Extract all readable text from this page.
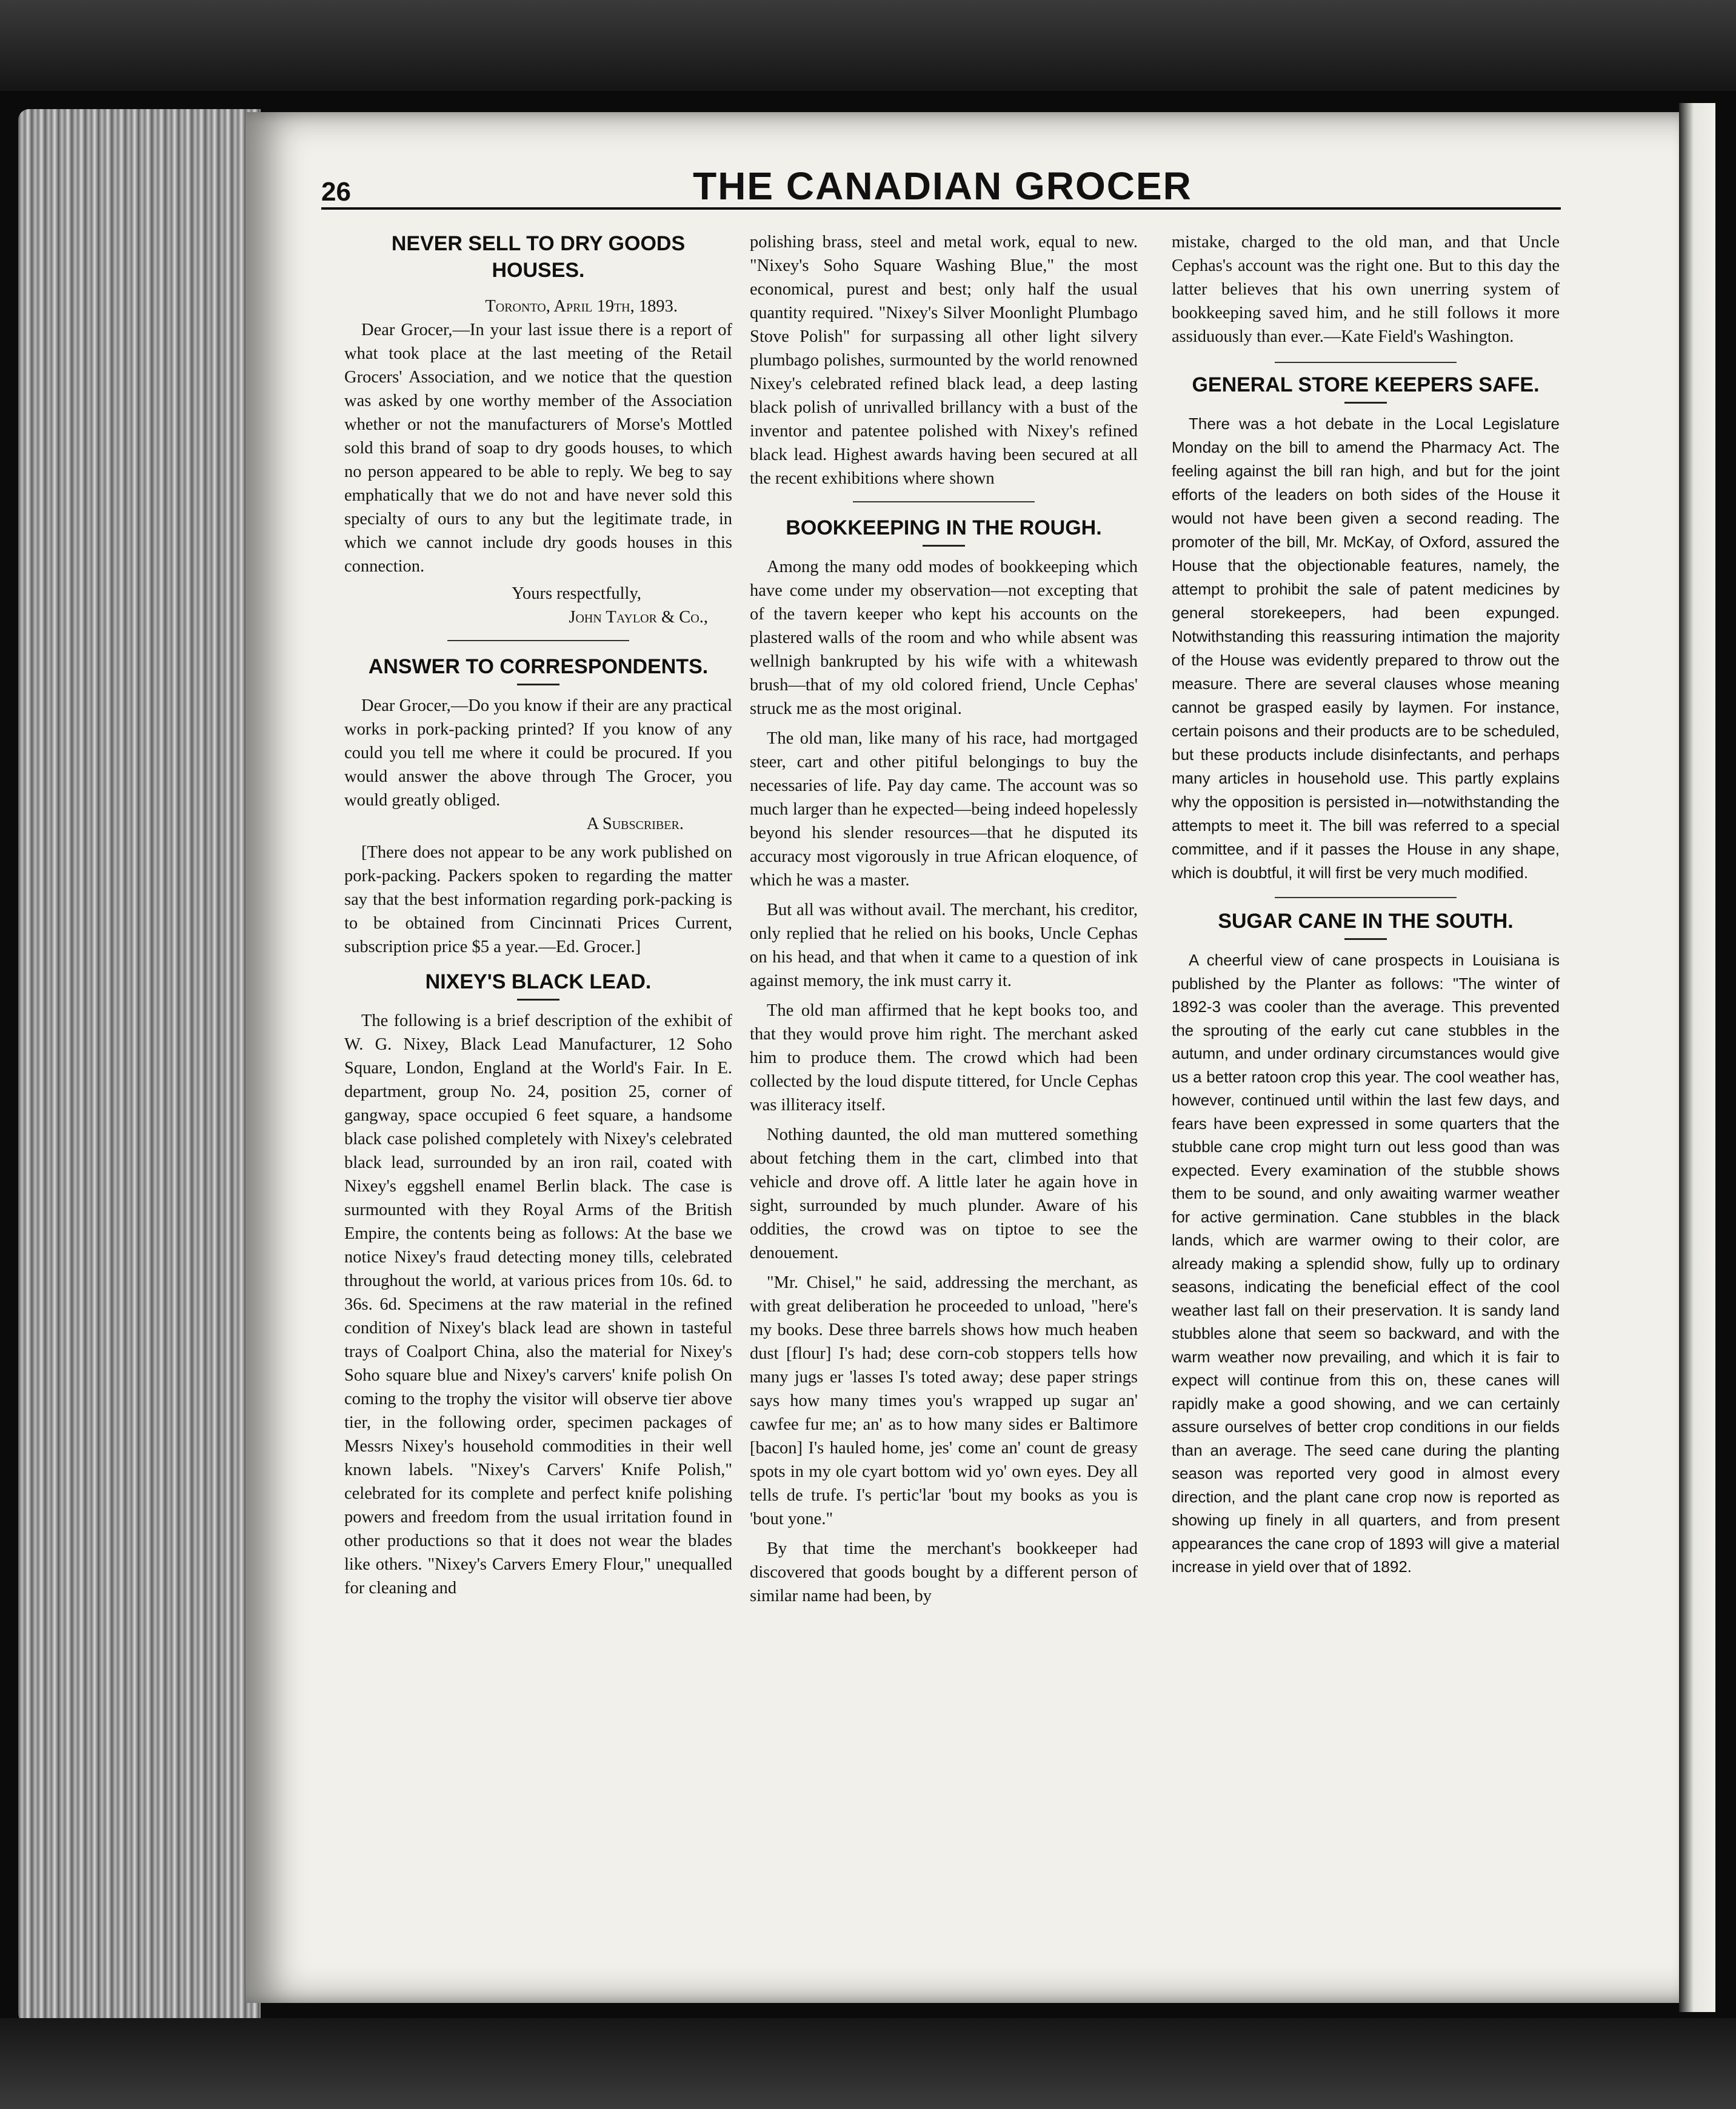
26	THE CANADIAN GROCER
NEVER SELL TO DRY GOODS HOUSES.
Toronto, April 19th, 1893.

Dear Grocer,—In your last issue there is a report of what took place at the last meeting of the Retail Grocers' Association, and we notice that the question was asked by one worthy member of the Association whether or not the manufacturers of Morse's Mottled sold this brand of soap to dry goods houses, to which no person appeared to be able to reply. We beg to say emphatically that we do not and have never sold this specialty of ours to any but the legitimate trade, in which we cannot include dry goods houses in this connection.

Yours respectfully,
John Taylor & Co.,
ANSWER TO CORRESPONDENTS.

Dear Grocer,—Do you know if their are any practical works in pork-packing printed? If you know of any could you tell me where it could be procured. If you would answer the above through The Grocer, you would greatly obliged.

A Subscriber.

[There does not appear to be any work published on pork-packing. Packers spoken to regarding the matter say that the best information regarding pork-packing is to be obtained from Cincinnati Prices Current, subscription price $5 a year.—Ed. Grocer.]

NIXEY'S BLACK LEAD.

The following is a brief description of the exhibit of W. G. Nixey, Black Lead Manufacturer, 12 Soho Square, London, England at the World's Fair. In E. department, group No. 24, position 25, corner of gangway, space occupied 6 feet square, a handsome black case polished completely with Nixey's celebrated black lead, surrounded by an iron rail, coated with Nixey's eggshell enamel Berlin black. The case is surmounted with they Royal Arms of the British Empire, the contents being as follows: At the base we notice Nixey's fraud detecting money tills, celebrated throughout the world, at various prices from 10s. 6d. to 36s. 6d. Specimens at the raw material in the refined condition of Nixey's black lead are shown in tasteful trays of Coalport China, also the material for Nixey's Soho square blue and Nixey's carvers' knife polish On coming to the trophy the visitor will observe tier above tier, in the following order, specimen packages of Messrs Nixey's household commodities in their well known labels. "Nixey's Carvers' Knife Polish," celebrated for its complete and perfect knife polishing powers and freedom from the usual irritation found in other productions so that it does not wear the blades like others. "Nixey's Carvers Emery Flour," unequalled for cleaning and

polishing brass, steel and metal work, equal to new. "Nixey's Soho Square Washing Blue," the most economical, purest and best; only half the usual quantity required. "Nixey's Silver Moonlight Plumbago Stove Polish" for surpassing all other light silvery plumbago polishes, surmounted by the world renowned Nixey's celebrated refined black lead, a deep lasting black polish of unrivalled brillancy with a bust of the inventor and patentee polished with Nixey's refined black lead. Highest awards having been secured at all the recent exhibitions where shown

BOOKKEEPING IN THE ROUGH.

Among the many odd modes of bookkeeping which have come under my observation—not excepting that of the tavern keeper who kept his accounts on the plastered walls of the room and who while absent was wellnigh bankrupted by his wife with a whitewash brush—that of my old colored friend, Uncle Cephas' struck me as the most original.

The old man, like many of his race, had mortgaged steer, cart and other pitiful belongings to buy the necessaries of life. Pay day came. The account was so much larger than he expected—being indeed hopelessly beyond his slender resources—that he disputed its accuracy most vigorously in true African eloquence, of which he was a master.

But all was without avail. The merchant, his creditor, only replied that he relied on his books, Uncle Cephas on his head, and that when it came to a question of ink against memory, the ink must carry it.

The old man affirmed that he kept books too, and that they would prove him right. The merchant asked him to produce them. The crowd which had been collected by the loud dispute tittered, for Uncle Cephas was illiteracy itself.

Nothing daunted, the old man muttered something about fetching them in the cart, climbed into that vehicle and drove off. A little later he again hove in sight, surrounded by much plunder. Aware of his oddities, the crowd was on tiptoe to see the denouement.

"Mr. Chisel," he said, addressing the merchant, as with great deliberation he proceeded to unload, "here's my books. Dese three barrels shows how much heaben dust [flour] I's had; dese corn-cob stoppers tells how many jugs er 'lasses I's toted away; dese paper strings says how many times you's wrapped up sugar an' cawfee fur me; an' as to how many sides er Baltimore [bacon] I's hauled home, jes' come an' count de greasy spots in my ole cyart bottom wid yo' own eyes. Dey all tells de trufe. I's pertic'lar 'bout my books as you is 'bout yone."

By that time the merchant's bookkeeper had discovered that goods bought by a different person of similar name had been, by

mistake, charged to the old man, and that Uncle Cephas's account was the right one. But to this day the latter believes that his own unerring system of bookkeeping saved him, and he still follows it more assiduously than ever.—Kate Field's Washington.

GENERAL STORE KEEPERS SAFE.

There was a hot debate in the Local Legislature Monday on the bill to amend the Pharmacy Act. The feeling against the bill ran high, and but for the joint efforts of the leaders on both sides of the House it would not have been given a second reading. The promoter of the bill, Mr. McKay, of Oxford, assured the House that the objectionable features, namely, the attempt to prohibit the sale of patent medicines by general storekeepers, had been expunged. Notwithstanding this reassuring intimation the majority of the House was evidently prepared to throw out the measure. There are several clauses whose meaning cannot be grasped easily by laymen. For instance, certain poisons and their products are to be scheduled, but these products include disinfectants, and perhaps many articles in household use. This partly explains why the opposition is persisted in—notwithstanding the attempts to meet it. The bill was referred to a special committee, and if it passes the House in any shape, which is doubtful, it will first be very much modified.

SUGAR CANE IN THE SOUTH.

A cheerful view of cane prospects in Louisiana is published by the Planter as follows: "The winter of 1892-3 was cooler than the average. This prevented the sprouting of the early cut cane stubbles in the autumn, and under ordinary circumstances would give us a better ratoon crop this year. The cool weather has, however, continued until within the last few days, and fears have been expressed in some quarters that the stubble cane crop might turn out less good than was expected. Every examination of the stubble shows them to be sound, and only awaiting warmer weather for active germination. Cane stubbles in the black lands, which are warmer owing to their color, are already making a splendid show, fully up to ordinary seasons, indicating the beneficial effect of the cool weather last fall on their preservation. It is sandy land stubbles alone that seem so backward, and with the warm weather now prevailing, and which it is fair to expect will continue from this on, these canes will rapidly make a good showing, and we can certainly assure ourselves of better crop conditions in our fields than an average. The seed cane during the planting season was reported very good in almost every direction, and the plant cane crop now is reported as showing up finely in all quarters, and from present appearances the cane crop of 1893 will give a material increase in yield over that of 1892.
